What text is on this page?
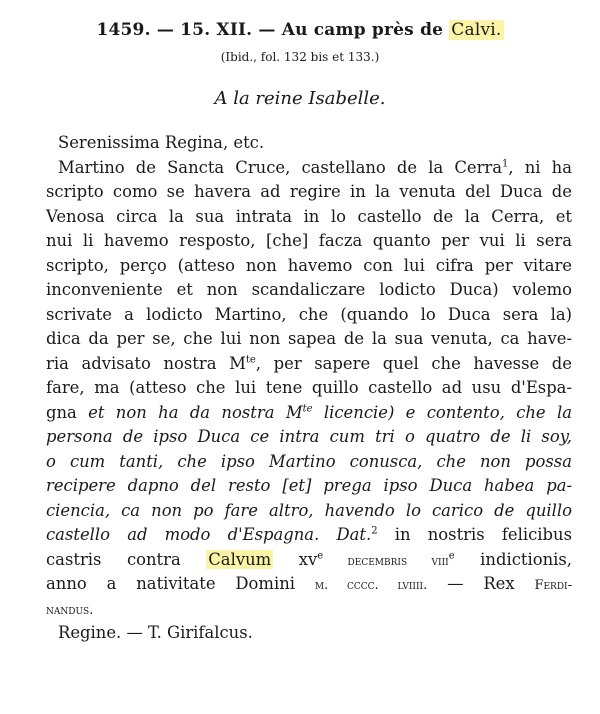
1459. — 15. XII. — Au camp près de Calvi.
(Ibid., fol. 132 bis et 133.)
A la reine Isabelle.
Serenissima Regina, etc.
Martino de Sancta Cruce, castellano de la Cerra$^1$, ni ha
scripto como se havera ad regire in la venuta del Duca de
Venosa circa la sua intrata in lo castello de la Cerra, et
nui li havemo resposto, [che] facza quanto per vui li sera
scripto, perço (atteso non havemo con lui cifra per vitare
inconveniente et non scandaliczare lodicto Duca) volemo
scrivate a lodicto Martino, che (quando lo Duca sera la)
dica da per se, che lui non sapea de la sua venuta, ca have-
ria advisato nostra $M^{te}$, per sapere quel che havesse de
fare, ma (atteso che lui tene quillo castello ad usu d'Espa-
gna et non ha da nostra $M^{te}$ licencie) e contento, che la
persona de ipso Duca ce intra cum tri o quatro de li soy,
o cum tanti, che ipso Martino conusca, che non possa
recipere dapno del resto [et] prega ipso Duca habea pa-
ciencia, ca non po fare altro, havendo lo carico de quillo
castello ad modo d'Espagna. Dat.$^2$ in nostris felicibus
castris contra Calvum $xv^e$ decembris viii$^e$ indictionis,
anno a nativitate Domini m. cccc. lviiii. — Rex Ferdi-
nandus.
Regine. — T. Girifalcus.
